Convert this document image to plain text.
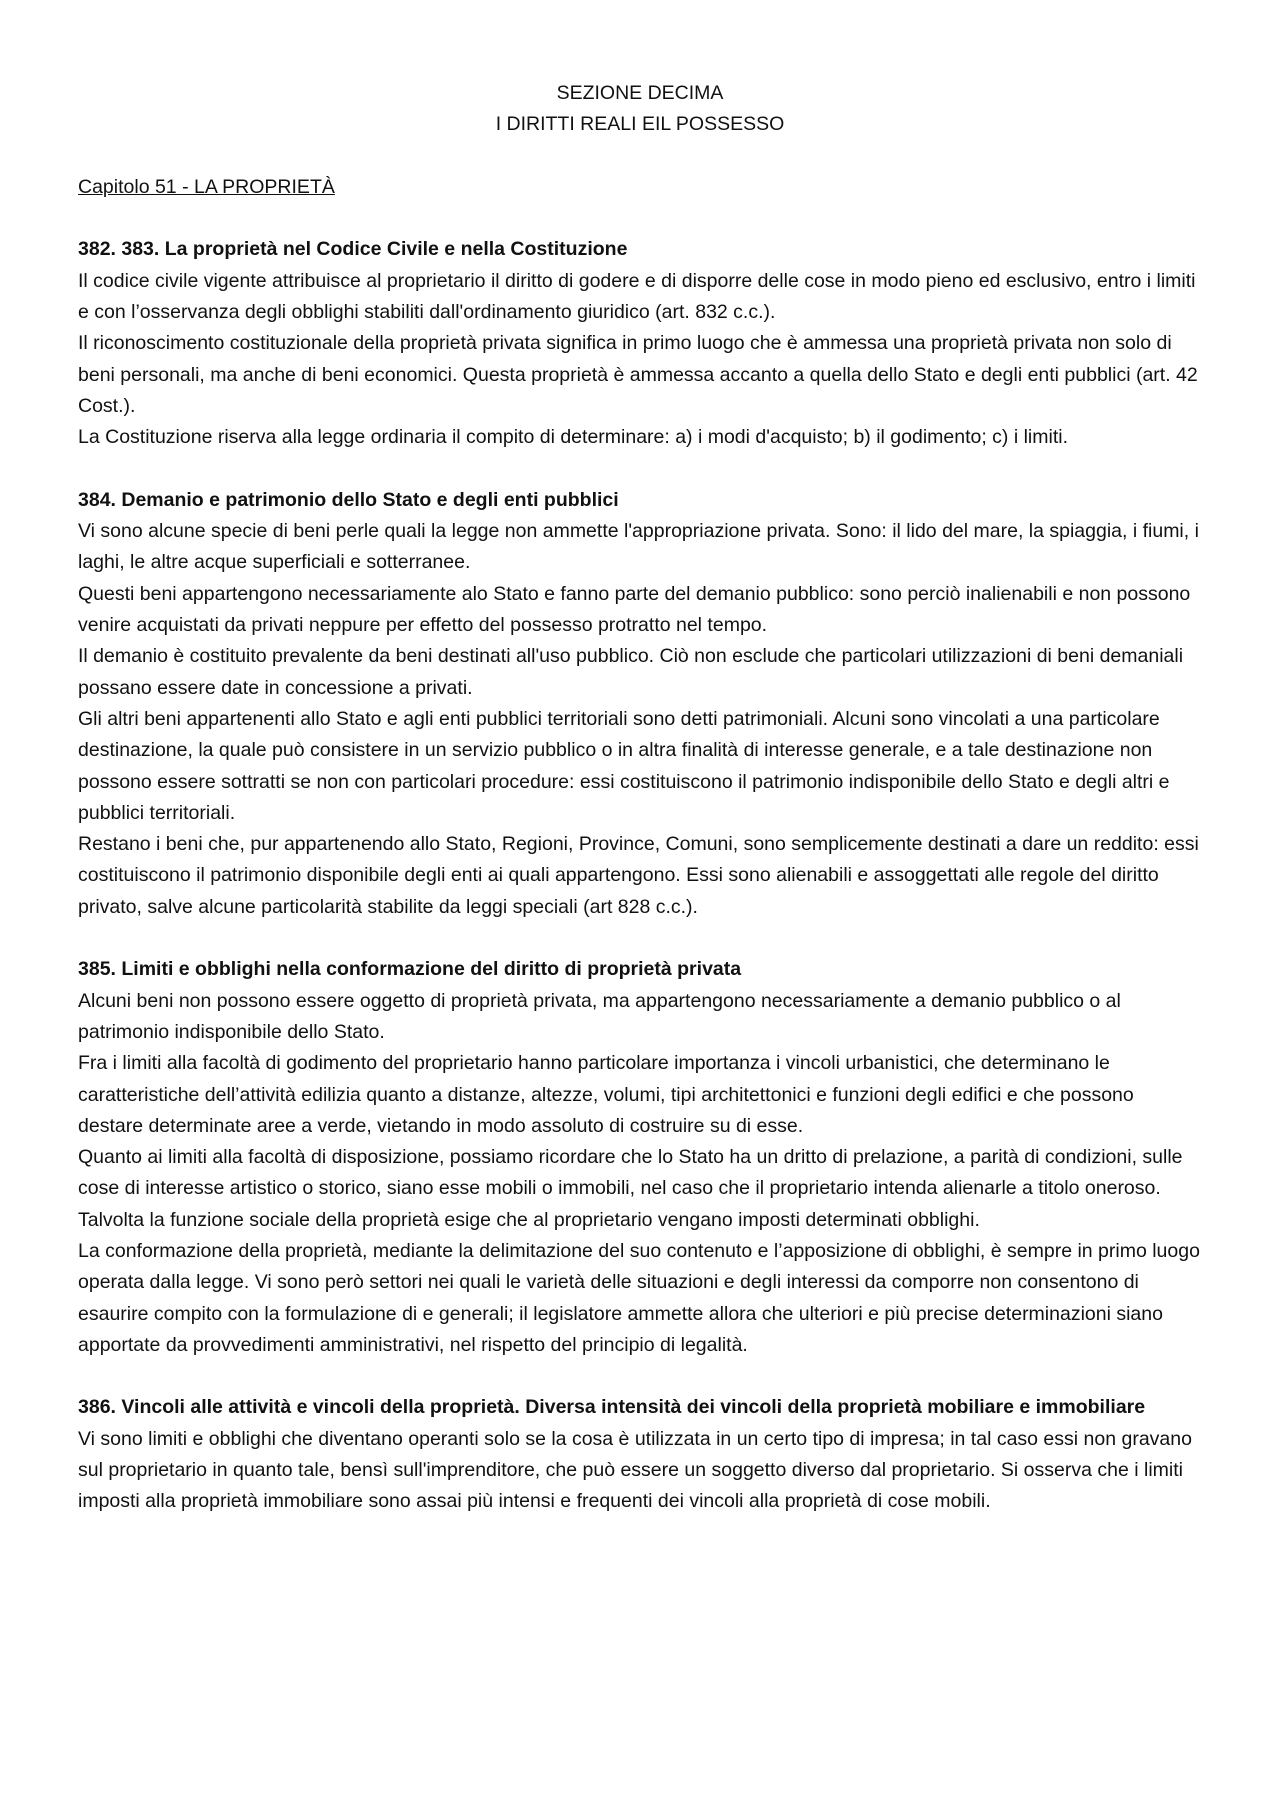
SEZIONE DECIMA
I DIRITTI REALI EIL POSSESSO
Capitolo 51 - LA PROPRIETÀ
382. 383. La proprietà nel Codice Civile e nella Costituzione

Il codice civile vigente attribuisce al proprietario il diritto di godere e di disporre delle cose in modo pieno ed esclusivo, entro i limiti e con l’osservanza degli obblighi stabiliti dall'ordinamento giuridico (art. 832 c.c.).

Il riconoscimento costituzionale della proprietà privata significa in primo luogo che è ammessa una proprietà privata non solo di beni personali, ma anche di beni economici. Questa proprietà è ammessa accanto a quella dello Stato e degli enti pubblici (art. 42 Cost.).

La Costituzione riserva alla legge ordinaria il compito di determinare: a) i modi d'acquisto; b) il godimento; c) i limiti.

384. Demanio e patrimonio dello Stato e degli enti pubblici

Vi sono alcune specie di beni perle quali la legge non ammette l'appropriazione privata. Sono: il lido del mare, la spiaggia, i fiumi, i laghi, le altre acque superficiali e sotterranee.

Questi beni appartengono necessariamente alo Stato e fanno parte del demanio pubblico: sono perciò inalienabili e non possono venire acquistati da privati neppure per effetto del possesso protratto nel tempo.

Il demanio è costituito prevalente da beni destinati all'uso pubblico. Ciò non esclude che particolari utilizzazioni di beni demaniali possano essere date in concessione a privati.

Gli altri beni appartenenti allo Stato e agli enti pubblici territoriali sono detti patrimoniali. Alcuni sono vincolati a una particolare destinazione, la quale può consistere in un servizio pubblico o in altra finalità di interesse generale, e a tale destinazione non possono essere sottratti se non con particolari procedure: essi costituiscono il patrimonio indisponibile dello Stato e degli altri e pubblici territoriali.

Restano i beni che, pur appartenendo allo Stato, Regioni, Province, Comuni, sono semplicemente destinati a dare un reddito: essi costituiscono il patrimonio disponibile degli enti ai quali appartengono. Essi sono alienabili e assoggettati alle regole del diritto privato, salve alcune particolarità stabilite da leggi speciali (art 828 c.c.).

385. Limiti e obblighi nella conformazione del diritto di proprietà privata

Alcuni beni non possono essere oggetto di proprietà privata, ma appartengono necessariamente a demanio pubblico o al patrimonio indisponibile dello Stato.

Fra i limiti alla facoltà di godimento del proprietario hanno particolare importanza i vincoli urbanistici, che determinano le caratteristiche dell’attività edilizia quanto a distanze, altezze, volumi, tipi architettonici e funzioni degli edifici e che possono destare determinate aree a verde, vietando in modo assoluto di costruire su di esse.

Quanto ai limiti alla facoltà di disposizione, possiamo ricordare che lo Stato ha un dritto di prelazione, a parità di condizioni, sulle cose di interesse artistico o storico, siano esse mobili o immobili, nel caso che il proprietario intenda alienarle a titolo oneroso.

Talvolta la funzione sociale della proprietà esige che al proprietario vengano imposti determinati obblighi.

La conformazione della proprietà, mediante la delimitazione del suo contenuto e l’apposizione di obblighi, è sempre in primo luogo operata dalla legge. Vi sono però settori nei quali le varietà delle situazioni e degli interessi da comporre non consentono di esaurire compito con la formulazione di e generali; il legislatore ammette allora che ulteriori e più precise determinazioni siano apportate da provvedimenti amministrativi, nel rispetto del principio di legalità.

386. Vincoli alle attività e vincoli della proprietà. Diversa intensità dei vincoli della proprietà mobiliare e immobiliare

Vi sono limiti e obblighi che diventano operanti solo se la cosa è utilizzata in un certo tipo di impresa; in tal caso essi non gravano sul proprietario in quanto tale, bensì sull'imprenditore, che può essere un soggetto diverso dal proprietario. Si osserva che i limiti imposti alla proprietà immobiliare sono assai più intensi e frequenti dei vincoli alla proprietà di cose mobili.
